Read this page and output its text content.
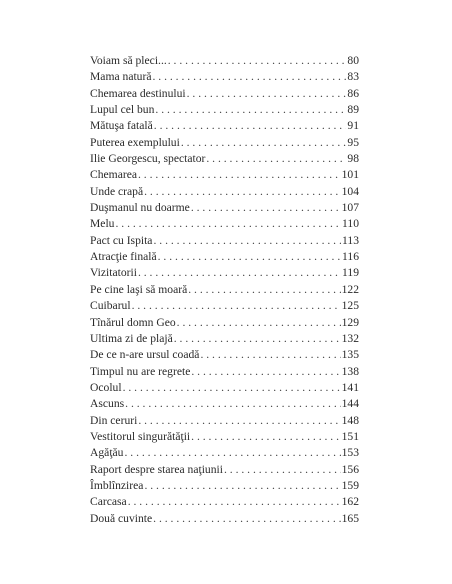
Voiam să pleci... . . .	80
Mama natură . . .	83
Chemarea destinului . . .	86
Lupul cel bun . . .	89
Mătuşa fatală . . .	91
Puterea exemplului . . .	95
Ilie Georgescu, spectator . . .	98
Chemarea . . .	101
Unde crapă . . .	104
Duşmanul nu doarme . . .	107
Melu . . .	110
Pact cu Ispita . . .	113
Atracţie finală . . .	116
Vizitatorii . . .	119
Pe cine laşi să moară . . .	122
Cuibarul . . .	125
Tînărul domn Geo . . .	129
Ultima zi de plajă . . .	132
De ce n-are ursul coadă . . .	135
Timpul nu are regrete . . .	138
Ocolul . . .	141
Ascuns . . .	144
Din ceruri . . .	148
Vestitorul singurătăţii . . .	151
Agăţău . . .	153
Raport despre starea naţiunii . . .	156
Îmblînzirea . . .	159
Carcasa . . .	162
Două cuvinte . . .	165
